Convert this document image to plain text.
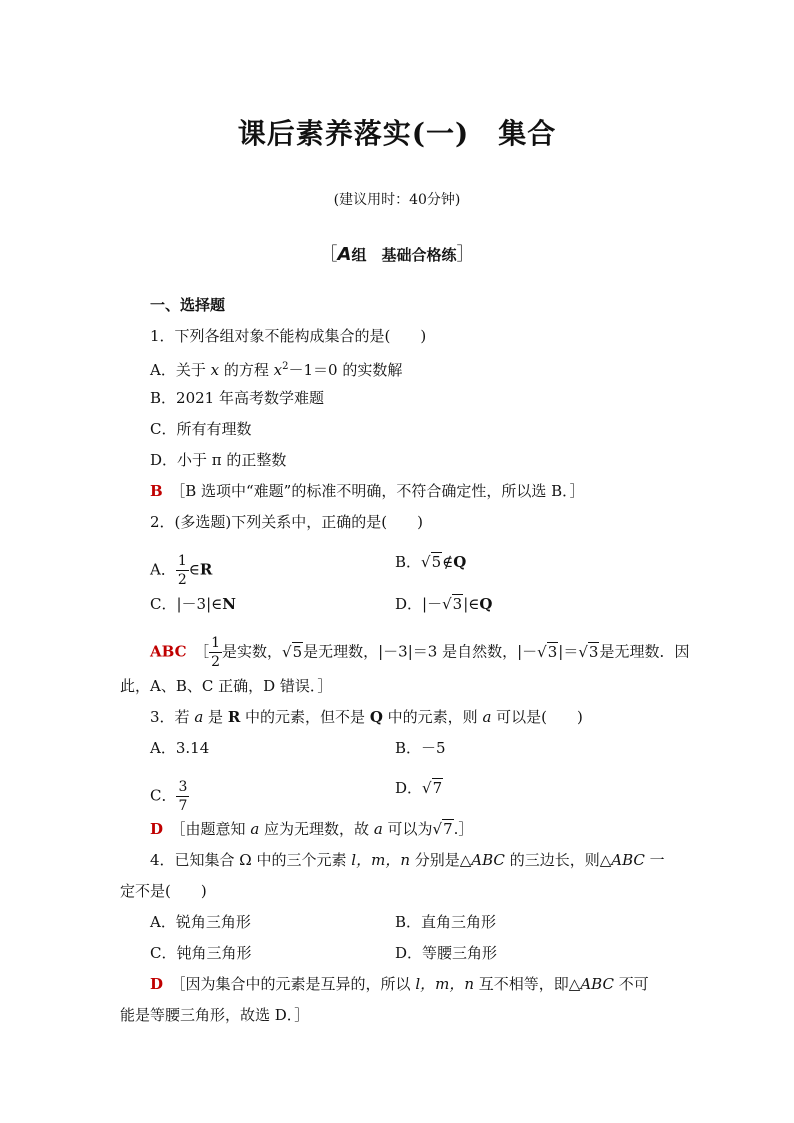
课后素养落实(一)　集合
(建议用时：40分钟)
［A组　基础合格练］
一、选择题
1．下列各组对象不能构成集合的是(　　)
A．关于 x 的方程 $x^2-1=0$ 的实数解
B．2021 年高考数学难题
C．所有有理数
D．小于 π 的正整数
B　 ［B 选项中“难题”的标准不明确，不符合确定性，所以选 B．］
2．(多选题)下列关系中，正确的是(　　)
A． $\frac{1}{2}$ ∈R	B．√5∉Q
C．|－3|∈N	D．|－√3|∈Q
ABC　 ［ $\frac{1}{2}$ 是实数，√5是无理数，|－3|＝3 是自然数，|－√3|＝√3是无理数．因
此，A、B、C 正确，D 错误．］
3．若 a 是 R 中的元素，但不是 Q 中的元素，则 a 可以是(　　)
A．3.14	B．－5
C． $\frac{3}{7}$	D．√7
D　 ［由题意知 a 应为无理数，故 a 可以为√7.］
4．已知集合 Ω 中的三个元素 l，m，n 分别是△ABC 的三边长，则△ABC 一
定不是(　　)
A．锐角三角形	B．直角三角形
C．钝角三角形	D．等腰三角形
D　 ［因为集合中的元素是互异的，所以 l，m，n 互不相等，即△ABC 不可
能是等腰三角形，故选 D．］
